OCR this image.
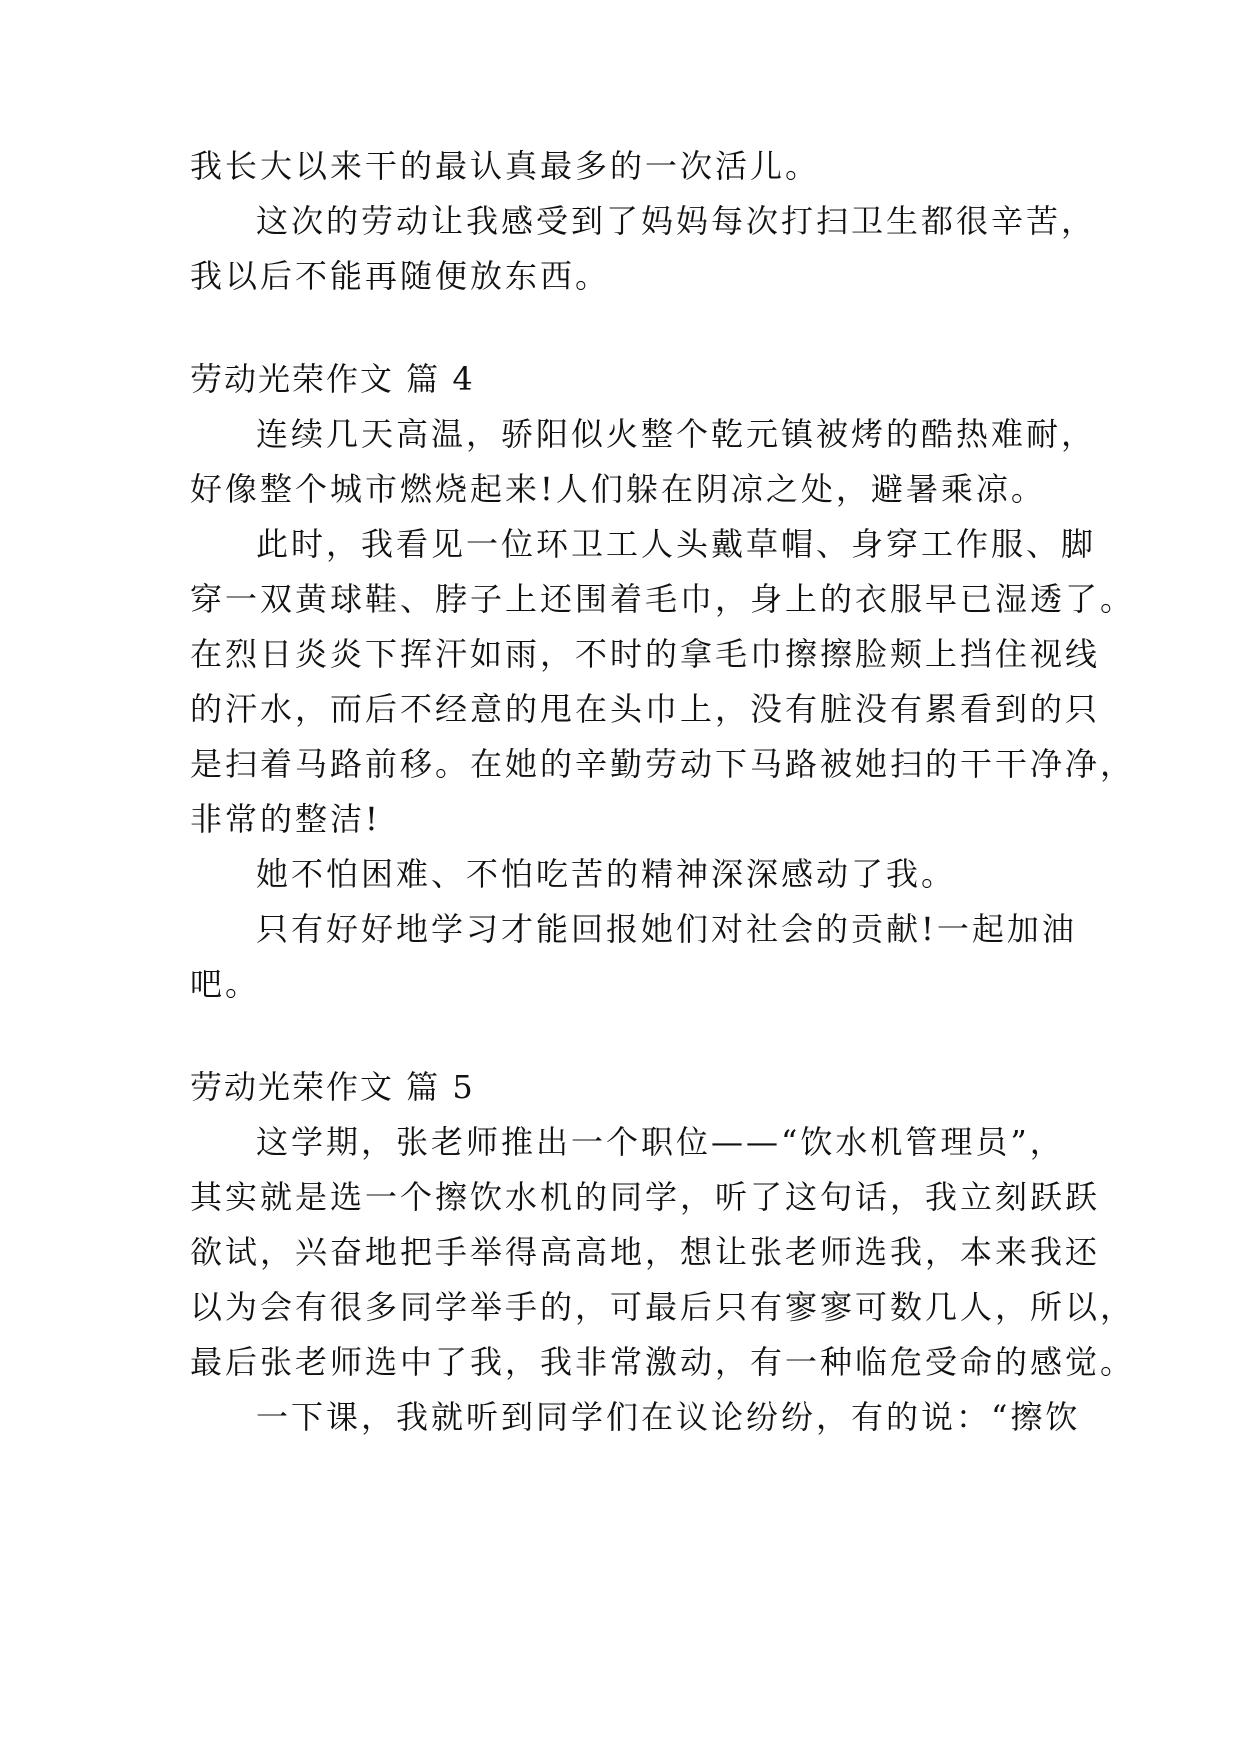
我长大以来干的最认真最多的一次活儿。
这次的劳动让我感受到了妈妈每次打扫卫生都很辛苦，
我以后不能再随便放东西。
劳动光荣作文 篇 4
连续几天高温，骄阳似火整个乾元镇被烤的酷热难耐，
好像整个城市燃烧起来!人们躲在阴凉之处，避暑乘凉。
此时，我看见一位环卫工人头戴草帽、身穿工作服、脚
穿一双黄球鞋、脖子上还围着毛巾，身上的衣服早已湿透了。
在烈日炎炎下挥汗如雨，不时的拿毛巾擦擦脸颊上挡住视线
的汗水，而后不经意的甩在头巾上，没有脏没有累看到的只
是扫着马路前移。在她的辛勤劳动下马路被她扫的干干净净，
非常的整洁!
她不怕困难、不怕吃苦的精神深深感动了我。
只有好好地学习才能回报她们对社会的贡献!一起加油
吧。
劳动光荣作文 篇 5
这学期，张老师推出一个职位——“饮水机管理员”，
其实就是选一个擦饮水机的同学，听了这句话，我立刻跃跃
欲试，兴奋地把手举得高高地，想让张老师选我，本来我还
以为会有很多同学举手的，可最后只有寥寥可数几人，所以，
最后张老师选中了我，我非常激动，有一种临危受命的感觉。
一下课，我就听到同学们在议论纷纷，有的说：“擦饮
